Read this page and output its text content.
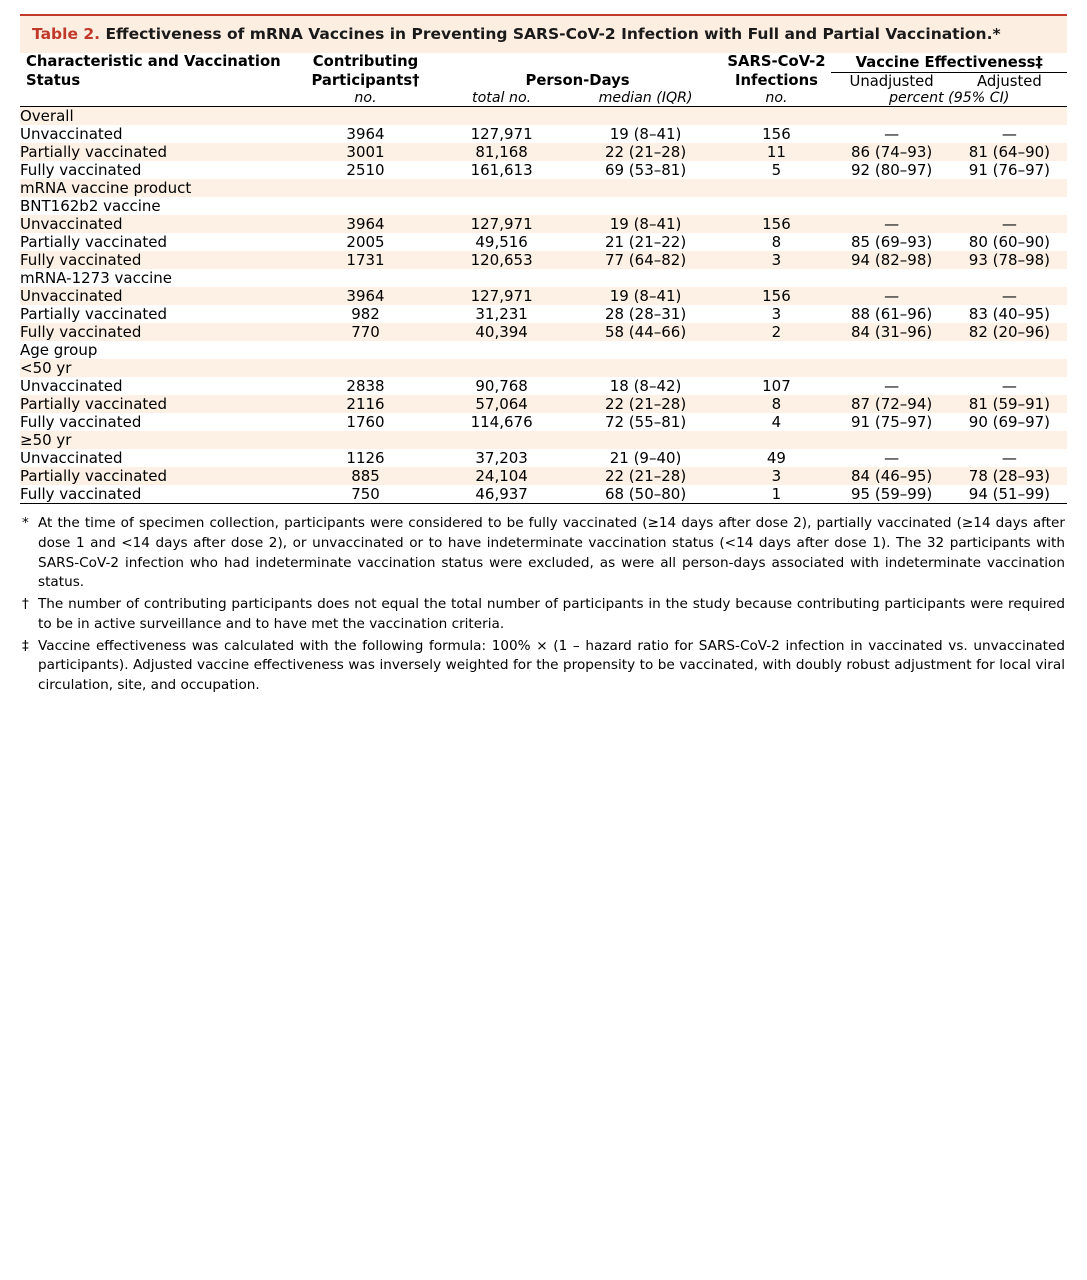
Table 2. Effectiveness of mRNA Vaccines in Preventing SARS-CoV-2 Infection with Full and Partial Vaccination.*
Characteristic and Vaccination Status	Contributing Participants†	Person-Days		SARS-CoV-2 Infections	Vaccine Effectiveness‡	
					Unadjusted	Adjusted
	no.	total no.	median (IQR)	no.	percent (95% CI)	
Overall						
Unvaccinated	3964	127,971	19 (8–41)	156	—	—
Partially vaccinated	3001	81,168	22 (21–28)	11	86 (74–93)	81 (64–90)
Fully vaccinated	2510	161,613	69 (53–81)	5	92 (80–97)	91 (76–97)
mRNA vaccine product						
BNT162b2 vaccine						
Unvaccinated	3964	127,971	19 (8–41)	156	—	—
Partially vaccinated	2005	49,516	21 (21–22)	8	85 (69–93)	80 (60–90)
Fully vaccinated	1731	120,653	77 (64–82)	3	94 (82–98)	93 (78–98)
mRNA-1273 vaccine						
Unvaccinated	3964	127,971	19 (8–41)	156	—	—
Partially vaccinated	982	31,231	28 (28–31)	3	88 (61–96)	83 (40–95)
Fully vaccinated	770	40,394	58 (44–66)	2	84 (31–96)	82 (20–96)
Age group						
<50 yr						
Unvaccinated	2838	90,768	18 (8–42)	107	—	—
Partially vaccinated	2116	57,064	22 (21–28)	8	87 (72–94)	81 (59–91)
Fully vaccinated	1760	114,676	72 (55–81)	4	91 (75–97)	90 (69–97)
≥50 yr						
Unvaccinated	1126	37,203	21 (9–40)	49	—	—
Partially vaccinated	885	24,104	22 (21–28)	3	84 (46–95)	78 (28–93)
Fully vaccinated	750	46,937	68 (50–80)	1	95 (59–99)	94 (51–99)
* At the time of specimen collection, participants were considered to be fully vaccinated (≥14 days after dose 2), partially vaccinated (≥14 days after dose 1 and <14 days after dose 2), or unvaccinated or to have indeterminate vaccination status (<14 days after dose 1). The 32 participants with SARS-CoV-2 infection who had indeterminate vaccination status were excluded, as were all person-days associated with indeterminate vaccination status.
† The number of contributing participants does not equal the total number of participants in the study because contributing participants were required to be in active surveillance and to have met the vaccination criteria.
‡ Vaccine effectiveness was calculated with the following formula: 100% × (1 – hazard ratio for SARS-CoV-2 infection in vaccinated vs. unvaccinated participants). Adjusted vaccine effectiveness was inversely weighted for the propensity to be vaccinated, with doubly robust adjustment for local viral circulation, site, and occupation.
